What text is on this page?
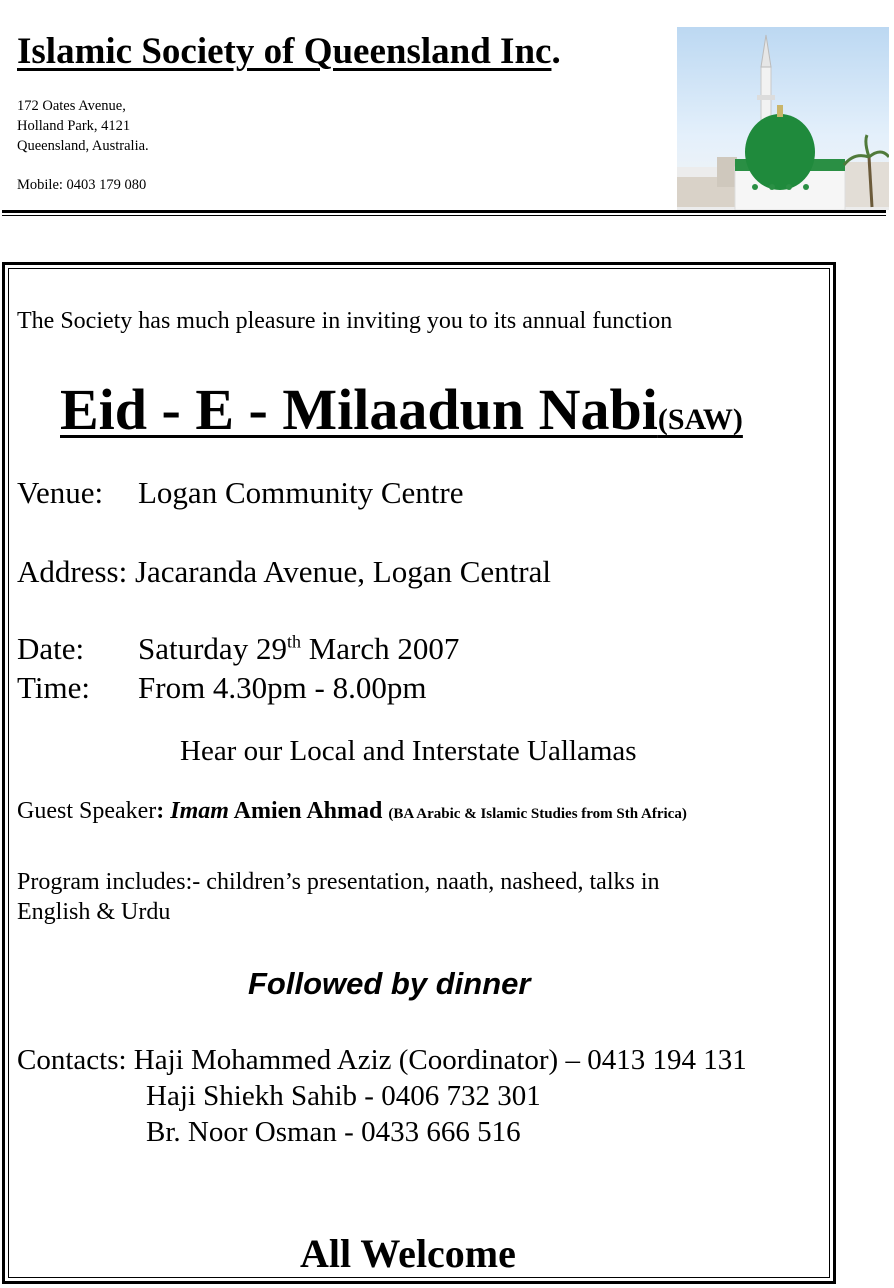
Islamic Society of Queensland Inc.
172 Oates Avenue,
Holland Park, 4121
Queensland, Australia.
Mobile: 0403 179 080
The Society has much pleasure in inviting you to its annual function
Eid - E - Milaadun Nabi(SAW)
Venue: Logan Community Centre
Address: Jacaranda Avenue, Logan Central
Date: Saturday 29th March 2007
Time: From 4.30pm - 8.00pm
Hear our Local and Interstate Uallamas
Guest Speaker: Imam Amien Ahmad (BA Arabic & Islamic Studies from Sth Africa)
Program includes:- children’s presentation, naath, nasheed, talks in
English & Urdu
Followed by dinner
Contacts: Haji Mohammed Aziz (Coordinator) – 0413 194 131
Haji Shiekh Sahib - 0406 732 301
Br. Noor Osman - 0433 666 516
All Welcome
